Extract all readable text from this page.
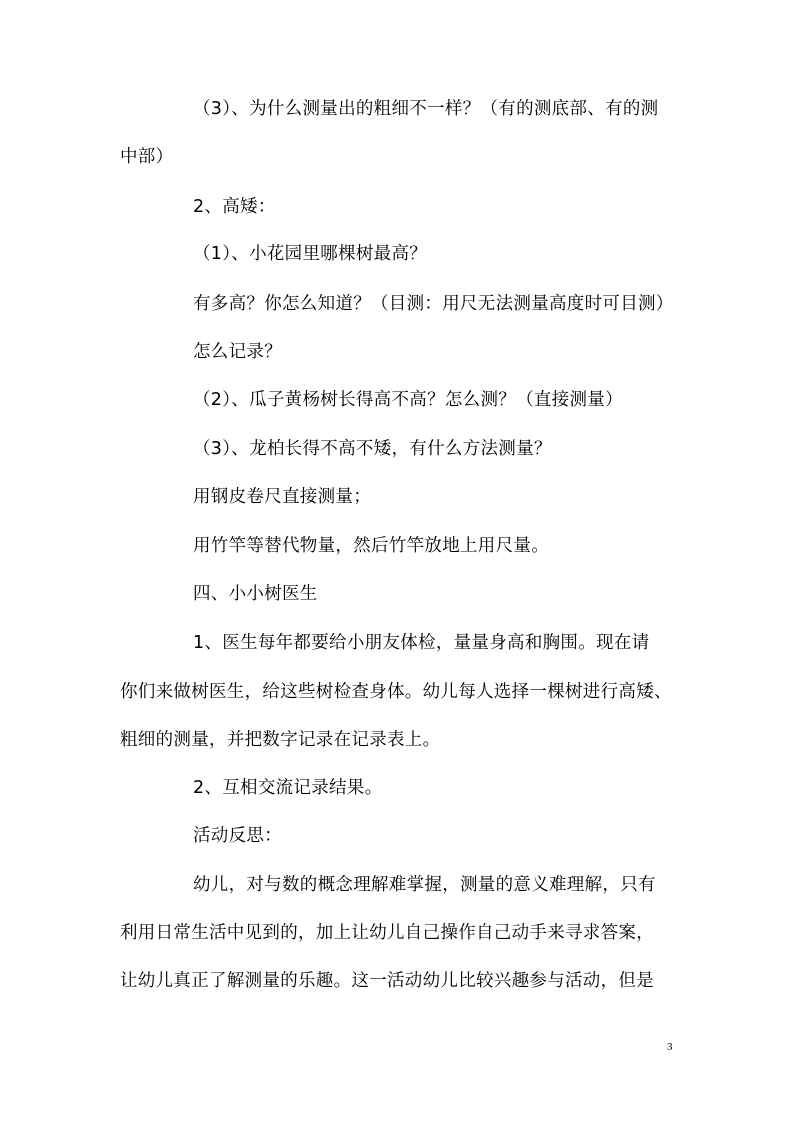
（3）、为什么测量出的粗细不一样？（有的测底部、有的测
中部）
2、高矮：
（1）、小花园里哪棵树最高？
有多高？你怎么知道？（目测：用尺无法测量高度时可目测）
怎么记录？
（2）、瓜子黄杨树长得高不高？怎么测？（直接测量）
（3）、龙柏长得不高不矮，有什么方法测量？
用钢皮卷尺直接测量；
用竹竿等替代物量，然后竹竿放地上用尺量。
四、小小树医生
1、医生每年都要给小朋友体检，量量身高和胸围。现在请
你们来做树医生，给这些树检查身体。幼儿每人选择一棵树进行高矮、
粗细的测量，并把数字记录在记录表上。
2、互相交流记录结果。
活动反思：
幼儿，对与数的概念理解难掌握，测量的意义难理解，只有
利用日常生活中见到的，加上让幼儿自己操作自己动手来寻求答案，
让幼儿真正了解测量的乐趣。这一活动幼儿比较兴趣参与活动，但是
3
